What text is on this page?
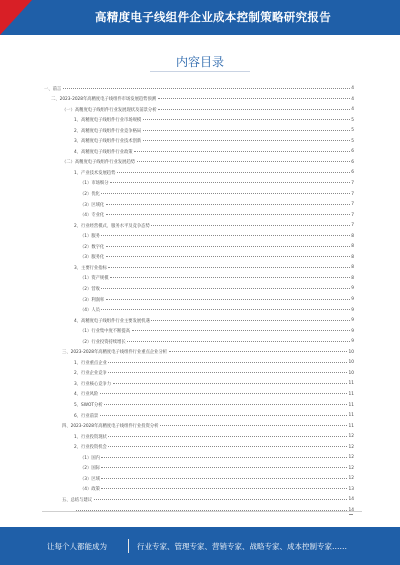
高精度电子线组件企业成本控制策略研究报告
内容目录
一、前言	4
二、2023-2028年高精度电子线组件市场发展趋势预测	4
（一）高精度电子线组件行业发展现状及前景分析	4
1、高精度电子线组件行业市场规模	5
2、高精度电子线组件行业竞争格局	5
3、高精度电子线组件行业技术创新	5
4、高精度电子线组件行业政策	6
（二）高精度电子线组件行业发展趋势	6
1、产业技术发展趋势	6
（1）市场细分	7
（2）优化	7
（3）区域化	7
（4）专业化	7
2、行业经营模式、服务水平及竞争态势	7
（1）服务	8
（2）数字化	8
（3）服务化	8
3、主要行业指标	8
（1）资产规模	8
（2）营收	9
（3）利润率	9
（4）人员	9
4、高精度电子线组件行业主要发展机遇	9
（1）行业集中度不断提高	9
（2）行业投资持续增长	9
三、2023-2028年高精度电子线组件行业重点企业分析	10
1、行业重点企业	10
2、行业企业竞争	10
3、行业核心竞争力	11
4、行业风险	11
5、SWOT分析	11
6、行业前景	11
四、2023-2028年高精度电子线组件行业投资分析	11
1、行业投资现状	12
2、行业投资机会	12
（1）国内	12
（2）国际	12
（3）区域	12
（4）政策	13
五、总结与建议	14
14
让每个人都能成为	行业专家、管理专家、营销专家、战略专家、成本控制专家……
